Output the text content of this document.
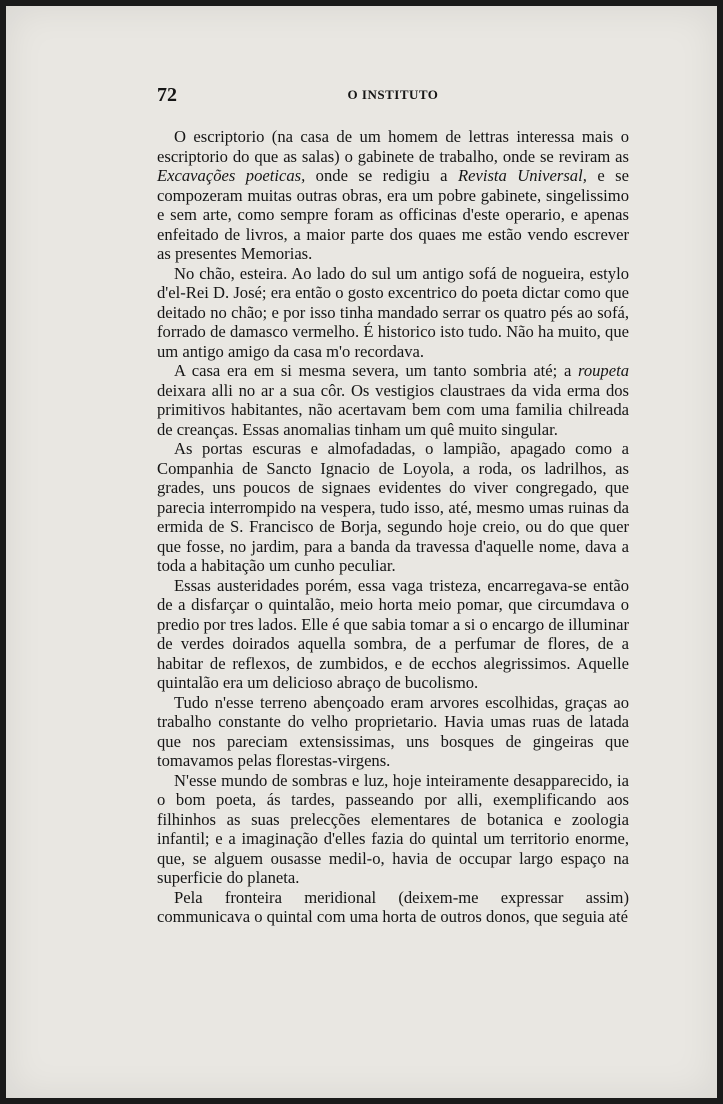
72	O INSTITUTO

O escriptorio (na casa de um homem de lettras interessa mais o escriptorio do que as salas) o gabinete de trabalho, onde se reviram as Excavações poeticas, onde se redigiu a Revista Universal, e se compozeram muitas outras obras, era um pobre gabinete, singelissimo e sem arte, como sempre foram as officinas d'este operario, e apenas enfeitado de livros, a maior parte dos quaes me estão vendo escrever as presentes Memorias.

No chão, esteira. Ao lado do sul um antigo sofá de nogueira, estylo d'el-Rei D. José; era então o gosto excentrico do poeta dictar como que deitado no chão; e por isso tinha mandado serrar os quatro pés ao sofá, forrado de damasco vermelho. É historico isto tudo. Não ha muito, que um antigo amigo da casa m'o recordava.

A casa era em si mesma severa, um tanto sombria até; a roupeta deixara alli no ar a sua côr. Os vestigios claustraes da vida erma dos primitivos habitantes, não acertavam bem com uma familia chilreada de creanças. Essas anomalias tinham um quê muito singular.

As portas escuras e almofadadas, o lampião, apagado como a Companhia de Sancto Ignacio de Loyola, a roda, os ladrilhos, as grades, uns poucos de signaes evidentes do viver congregado, que parecia interrompido na vespera, tudo isso, até, mesmo umas ruinas da ermida de S. Francisco de Borja, segundo hoje creio, ou do que quer que fosse, no jardim, para a banda da travessa d'aquelle nome, dava a toda a habitação um cunho peculiar.

Essas austeridades porém, essa vaga tristeza, encarregava-se então de a disfarçar o quintalão, meio horta meio pomar, que circumdava o predio por tres lados. Elle é que sabia tomar a si o encargo de illuminar de verdes doirados aquella sombra, de a perfumar de flores, de a habitar de reflexos, de zumbidos, e de ecchos alegrissimos. Aquelle quintalão era um delicioso abraço de bucolismo.

Tudo n'esse terreno abençoado eram arvores escolhidas, graças ao trabalho constante do velho proprietario. Havia umas ruas de latada que nos pareciam extensissimas, uns bosques de gingeiras que tomavamos pelas florestas-virgens.

N'esse mundo de sombras e luz, hoje inteiramente desapparecido, ia o bom poeta, ás tardes, passeando por alli, exemplificando aos filhinhos as suas prelecções elementares de botanica e zoologia infantil; e a imaginação d'elles fazia do quintal um territorio enorme, que, se alguem ousasse medil-o, havia de occupar largo espaço na superficie do planeta.

Pela fronteira meridional (deixem-me expressar assim) communicava o quintal com uma horta de outros donos, que seguia até
